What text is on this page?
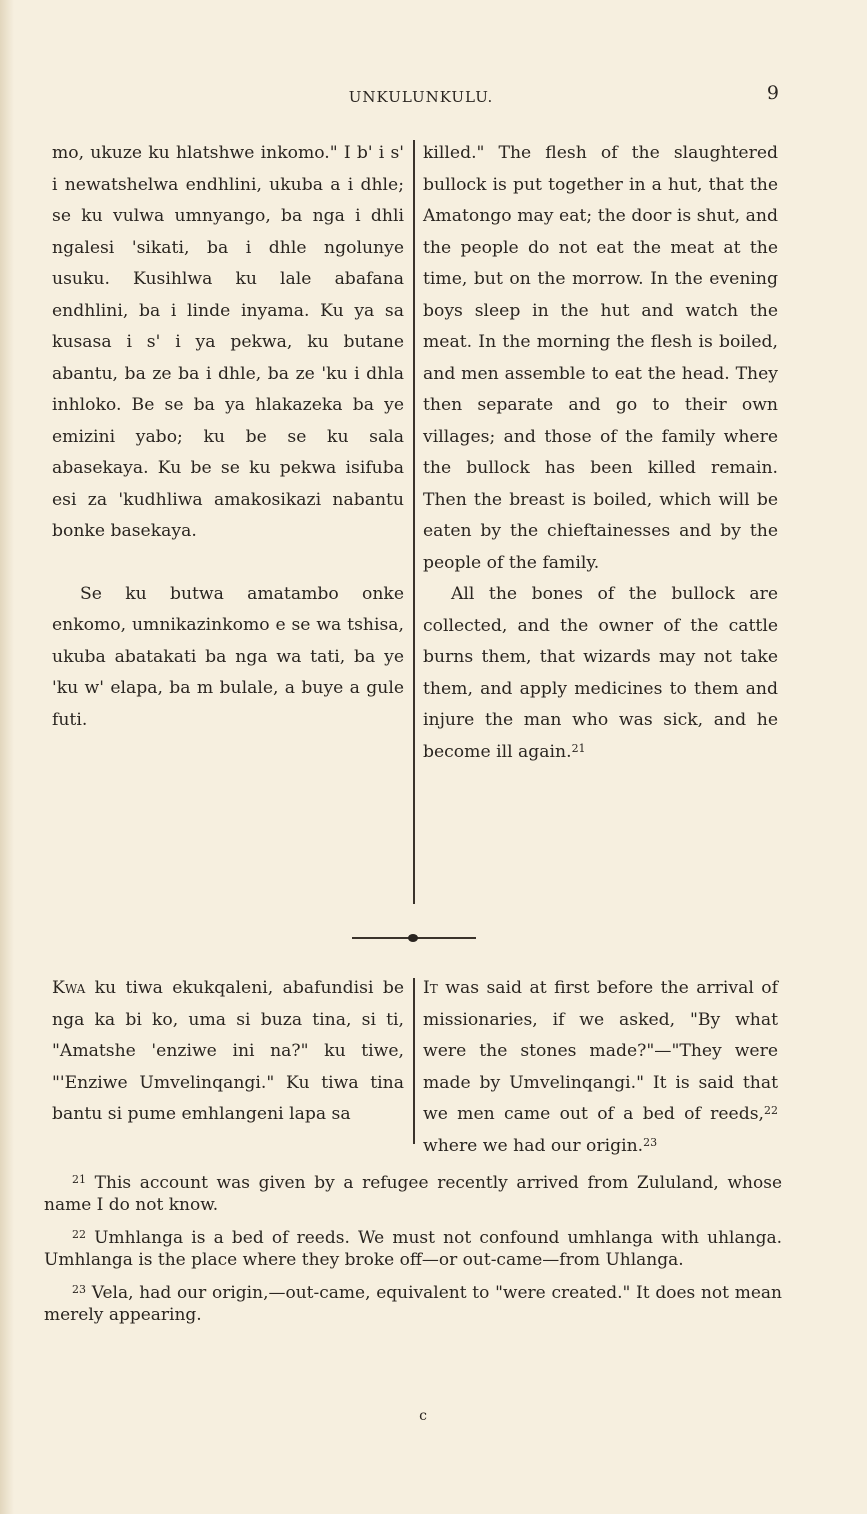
UNKULUNKULU.	9

mo, ukuze ku hlatshwe inkomo." I b' i s' i newatshelwa endhlini, ukuba a i dhle; se ku vulwa umnyango, ba nga i dhli ngalesi 'sikati, ba i dhle ngolunye usuku. Kusihlwa ku lale abafana endhlini, ba i linde inyama. Ku ya sa kusasa i s' i ya pekwa, ku butane abantu, ba ze ba i dhle, ba ze 'ku i dhla inhloko. Be se ba ya hlakazeka ba ye emizini yabo; ku be se ku sala abasekaya. Ku be se ku pekwa isifuba esi za 'kudhliwa amakosikazi nabantu bonke basekaya.

Se ku butwa amatambo onke enkomo, umnikazinkomo e se wa tshisa, ukuba abatakati ba nga wa tati, ba ye 'ku w' elapa, ba m bulale, a buye a gule futi.

killed." The flesh of the slaughtered bullock is put together in a hut, that the Amatongo may eat; the door is shut, and the people do not eat the meat at the time, but on the morrow. In the evening boys sleep in the hut and watch the meat. In the morning the flesh is boiled, and men assemble to eat the head. They then separate and go to their own villages; and those of the family where the bullock has been killed remain. Then the breast is boiled, which will be eaten by the chieftainesses and by the people of the family.

All the bones of the bullock are collected, and the owner of the cattle burns them, that wizards may not take them, and apply medicines to them and injure the man who was sick, and he become ill again.$^{21}$

Kwa ku tiwa ekukqaleni, abafundisi be nga ka bi ko, uma si buza tina, si ti, "Amatshe 'enziwe ini na?" ku tiwe, "'Enziwe Umvelinqangi." Ku tiwa tina bantu si pume emhlangeni lapa sa

It was said at first before the arrival of missionaries, if we asked, "By what were the stones made?"—"They were made by Umvelinqangi." It is said that we men came out of a bed of reeds,$^{22}$ where we had our origin.$^{23}$

$^{21}$ This account was given by a refugee recently arrived from Zululand, whose name I do not know.

$^{22}$ Umhlanga is a bed of reeds. We must not confound umhlanga with uhlanga. Umhlanga is the place where they broke off—or out-came—from Uhlanga.

$^{23}$ Vela, had our origin,—out-came, equivalent to "were created." It does not mean merely appearing.

c
